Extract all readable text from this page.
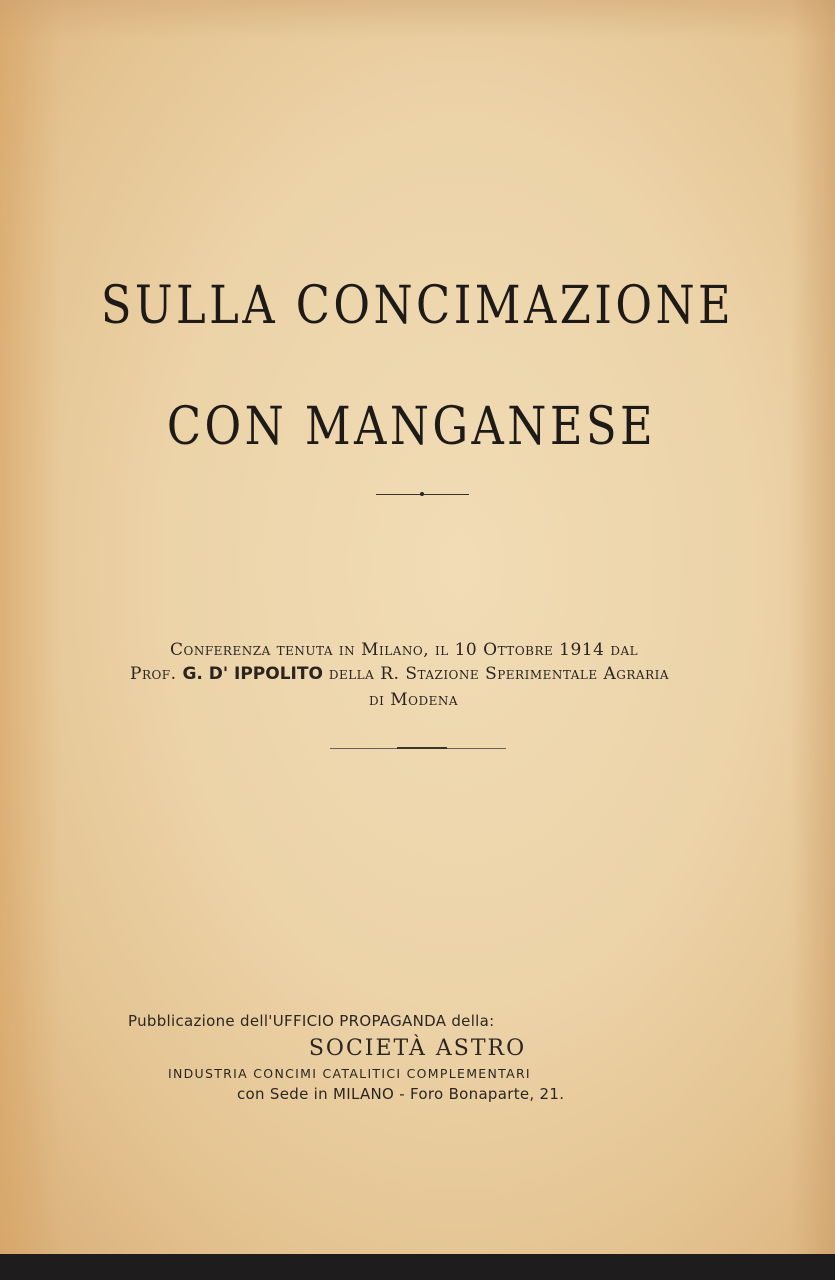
SULLA CONCIMAZIONE
CON MANGANESE
Conferenza tenuta in Milano, il 10 Ottobre 1914 dal
Prof. G. D' IPPOLITO della R. Stazione Sperimentale Agraria
di Modena
Pubblicazione dell'UFFICIO PROPAGANDA della:
SOCIETÀ ASTRO
INDUSTRIA CONCIMI CATALITICI COMPLEMENTARI
con Sede in MILANO - Foro Bonaparte, 21.
